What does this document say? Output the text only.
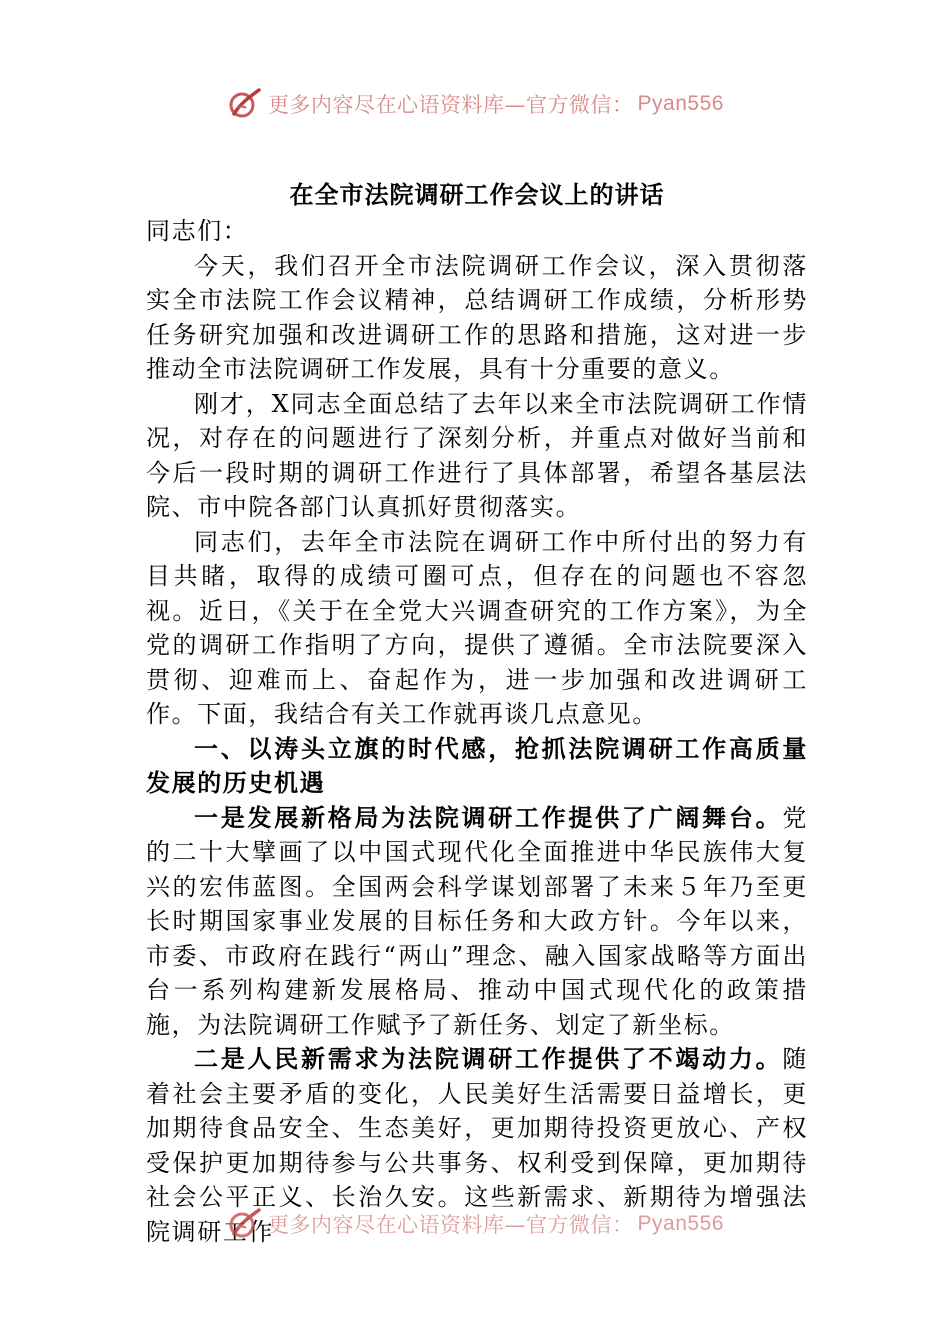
更多内容尽在心语资料库—官方微信： Pyan556
在全市法院调研工作会议上的讲话

同志们：

今天，我们召开全市法院调研工作会议，深入贯彻落实全市法院工作会议精神，总结调研工作成绩，分析形势任务研究加强和改进调研工作的思路和措施，这对进一步推动全市法院调研工作发展，具有十分重要的意义。

刚才，X同志全面总结了去年以来全市法院调研工作情况，对存在的问题进行了深刻分析，并重点对做好当前和今后一段时期的调研工作进行了具体部署，希望各基层法院、市中院各部门认真抓好贯彻落实。

同志们，去年全市法院在调研工作中所付出的努力有目共睹，取得的成绩可圈可点，但存在的问题也不容忽视。近日，《关于在全党大兴调查研究的工作方案》，为全党的调研工作指明了方向，提供了遵循。全市法院要深入贯彻、迎难而上、奋起作为，进一步加强和改进调研工作。下面，我结合有关工作就再谈几点意见。

一、以涛头立旗的时代感，抢抓法院调研工作高质量发展的历史机遇

一是发展新格局为法院调研工作提供了广阔舞台。党的二十大擘画了以中国式现代化全面推进中华民族伟大复兴的宏伟蓝图。全国两会科学谋划部署了未来５年乃至更长时期国家事业发展的目标任务和大政方针。今年以来，市委、市政府在践行“两山”理念、融入国家战略等方面出台一系列构建新发展格局、推动中国式现代化的政策措施，为法院调研工作赋予了新任务、划定了新坐标。

二是人民新需求为法院调研工作提供了不竭动力。随着社会主要矛盾的变化，人民美好生活需要日益增长，更加期待食品安全、生态美好，更加期待投资更放心、产权受保护更加期待参与公共事务、权利受到保障，更加期待社会公平正义、长治久安。这些新需求、新期待为增强法院调研工作

更多内容尽在心语资料库—官方微信： Pyan556
